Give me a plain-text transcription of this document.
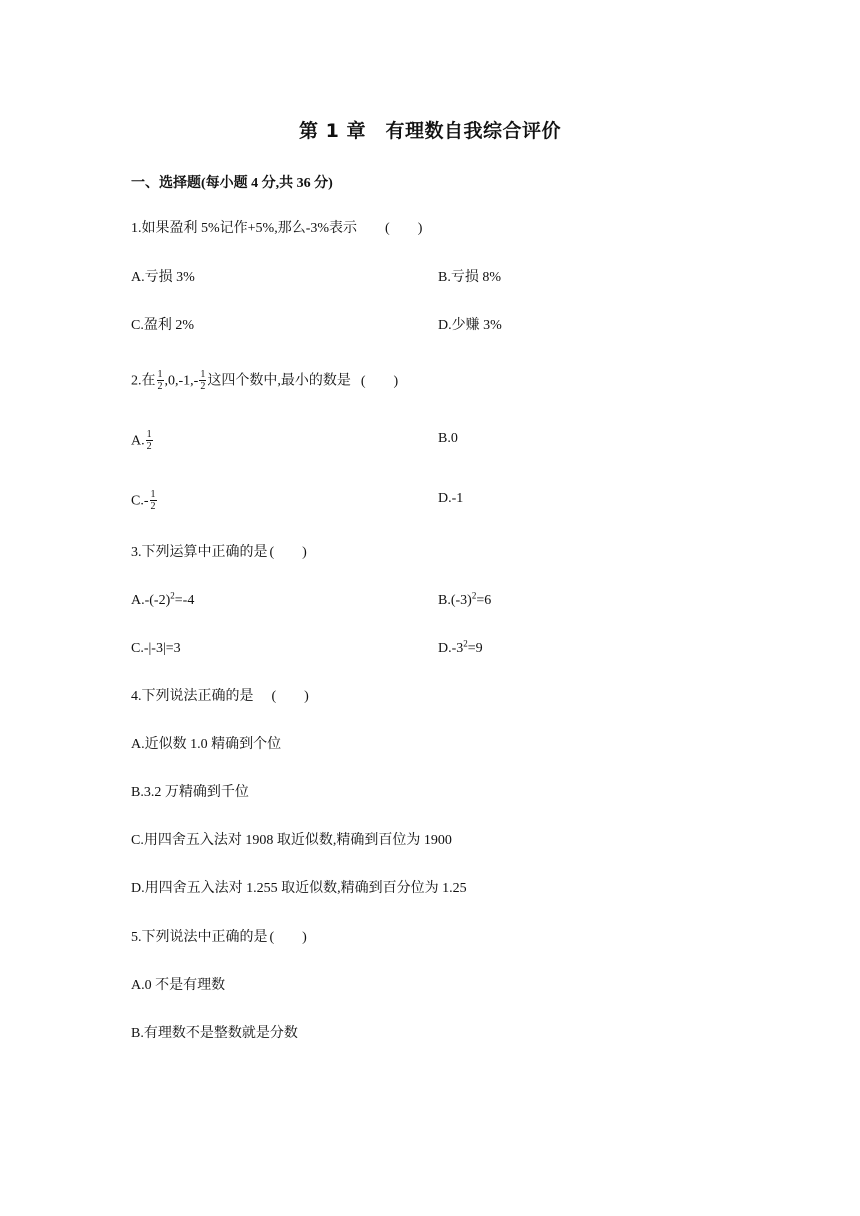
第 1 章　有理数自我综合评价
一、选择题(每小题 4 分,共 36 分)
1.如果盈利 5%记作+5%,那么-3%表示 (　　)
A.亏损 3%	B.亏损 8%
C.盈利 2%	D.少赚 3%
2.在 $\frac{1}{2} ,0,-1,- \frac{1}{2}$ 这四个数中,最小的数是 (　　)
A. $\frac{1}{2}$	B.0
$C.- \frac{1}{2}$	D.-1
3.下列运算中正确的是 (　　)
$A.-(-2)^2=-4$	$B.(-3)^2=6$
C.-|-3|=3	$D.-3^2=9$
4.下列说法正确的是 (　　)
A.近似数 1.0 精确到个位
B.3.2 万精确到千位
C.用四舍五入法对 1908 取近似数,精确到百位为 1900
D.用四舍五入法对 1.255 取近似数,精确到百分位为 1.25
5.下列说法中正确的是 (　　)
A.0 不是有理数
B.有理数不是整数就是分数
